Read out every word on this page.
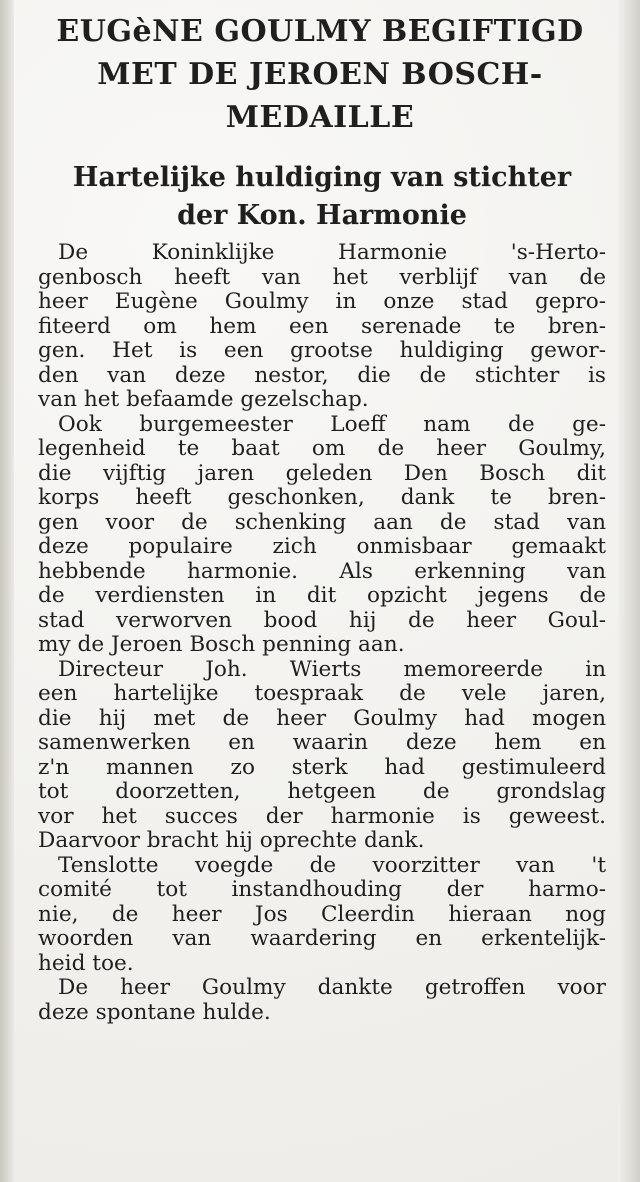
EUGèNE GOULMY BEGIFTIGD
MET DE JEROEN BOSCH-
MEDAILLE
Hartelijke huldiging van stichter
der Kon. Harmonie
De Koninklijke Harmonie 's-Herto-
genbosch heeft van het verblijf van de
heer Eugène Goulmy in onze stad gepro-
fiteerd om hem een serenade te bren-
gen. Het is een grootse huldiging gewor-
den van deze nestor, die de stichter is
van het befaamde gezelschap.
Ook burgemeester Loeff nam de ge-
legenheid te baat om de heer Goulmy,
die vijftig jaren geleden Den Bosch dit
korps heeft geschonken, dank te bren-
gen voor de schenking aan de stad van
deze populaire zich onmisbaar gemaakt
hebbende harmonie. Als erkenning van
de verdiensten in dit opzicht jegens de
stad verworven bood hij de heer Goul-
my de Jeroen Bosch penning aan.
Directeur Joh. Wierts memoreerde in
een hartelijke toespraak de vele jaren,
die hij met de heer Goulmy had mogen
samenwerken en waarin deze hem en
z'n mannen zo sterk had gestimuleerd
tot doorzetten, hetgeen de grondslag
vor het succes der harmonie is geweest.
Daarvoor bracht hij oprechte dank.
Tenslotte voegde de voorzitter van 't
comité tot instandhouding der harmo-
nie, de heer Jos Cleerdin hieraan nog
woorden van waardering en erkentelijk-
heid toe.
De heer Goulmy dankte getroffen voor
deze spontane hulde.
